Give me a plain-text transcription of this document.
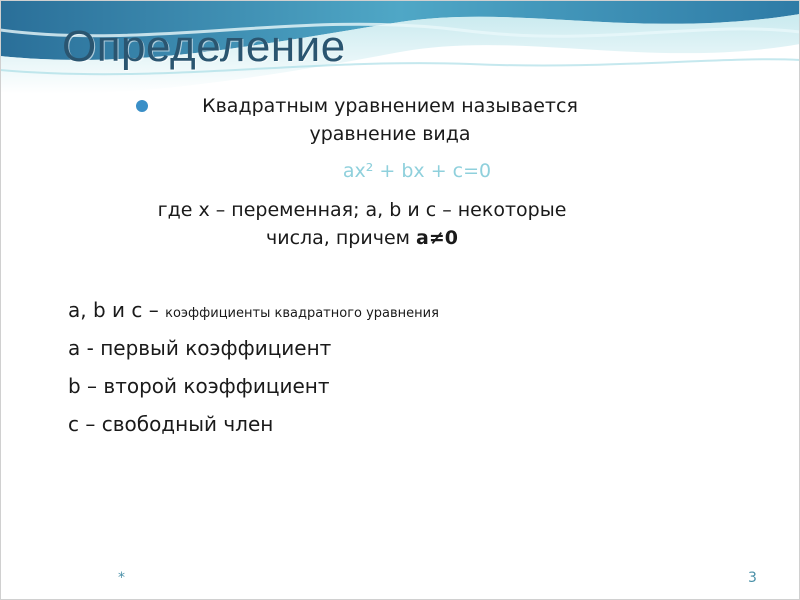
Определение
Квадратным уравнением называется
уравнение вида
ax² + bx + c=0
где x – переменная; a, b и c – некоторые
числа, причем a≠0
a, b и c – коэффициенты квадратного уравнения
a - первый коэффициент
b – второй коэффициент
c – свободный член
*	3
